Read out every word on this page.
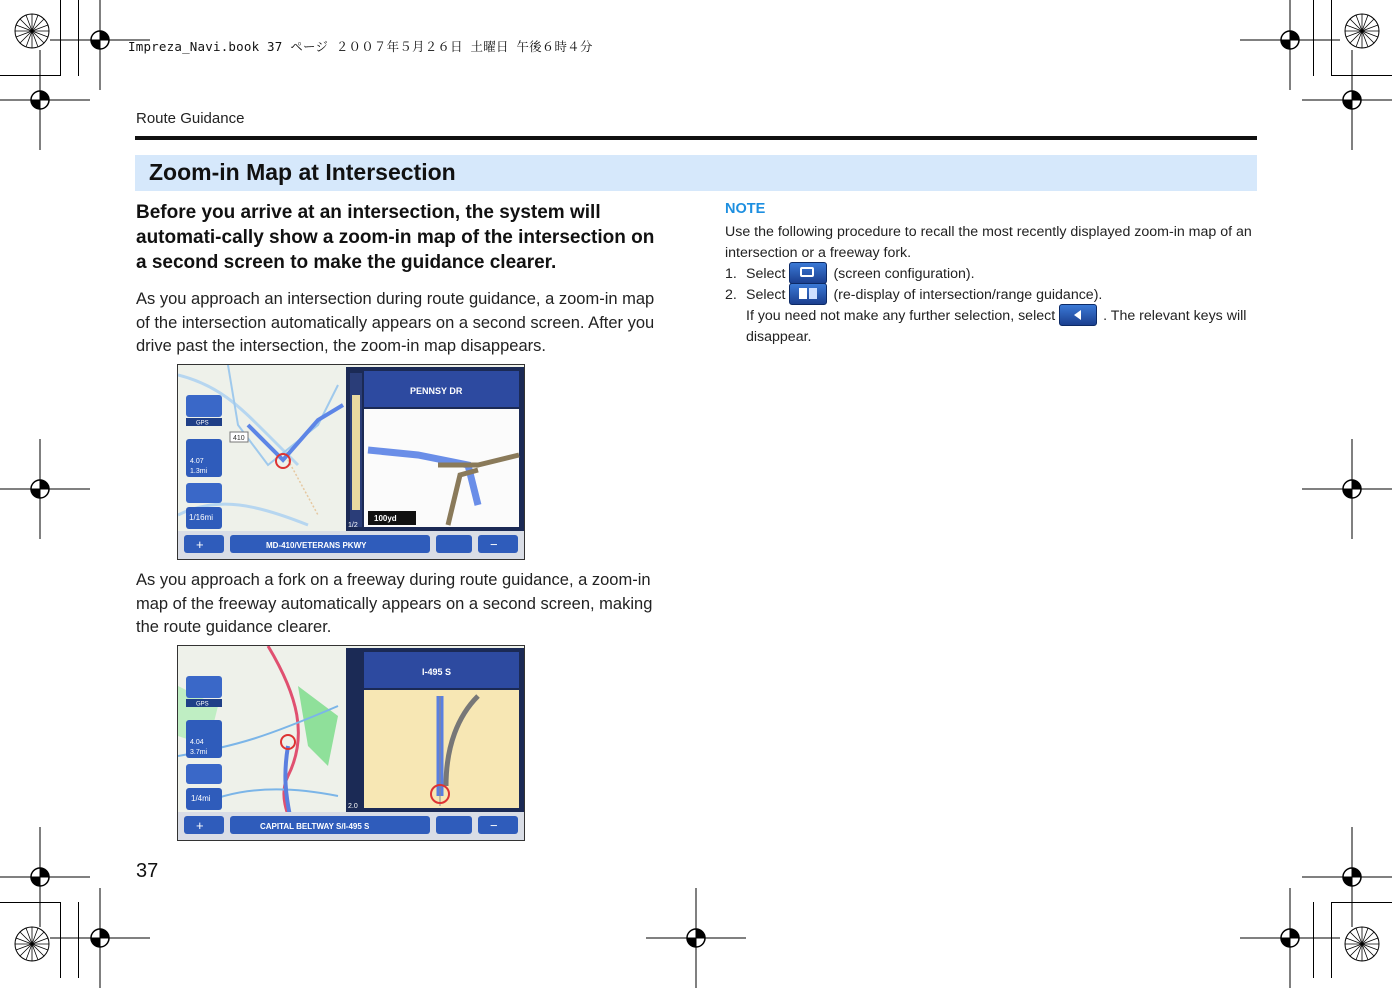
Impreza_Navi.book 37 ページ ２００７年５月２６日 土曜日 午後６時４分
Route Guidance
Zoom-in Map at Intersection
Before you arrive at an intersection, the system will automati-cally show a zoom-in map of the intersection on a second screen to make the guidance clearer.
As you approach an intersection during route guidance, a zoom-in map of the intersection automatically appears on a second screen. After you drive past the intersection, the zoom-in map disappears.
410
GPS
4.07
1.3mi
1/16mi
1/2
PENNSY DR
100yd
+	MD-410/VETERANS PKWY	−
As you approach a fork on a freeway during route guidance, a zoom-in map of the freeway automatically appears on a second screen, making the route guidance clearer.
GPS
4.04
3.7mi
1/4mi
2.0
I-495 S
+	CAPITAL BELTWAY S/I-495 S	−
NOTE
Use the following procedure to recall the most recently displayed zoom-in map of an intersection or a freeway fork.
1. Select	(screen configuration).
2. Select	(re-display of intersection/range guidance).
If you need not make any further selection, select	. The relevant keys will disappear.
37
